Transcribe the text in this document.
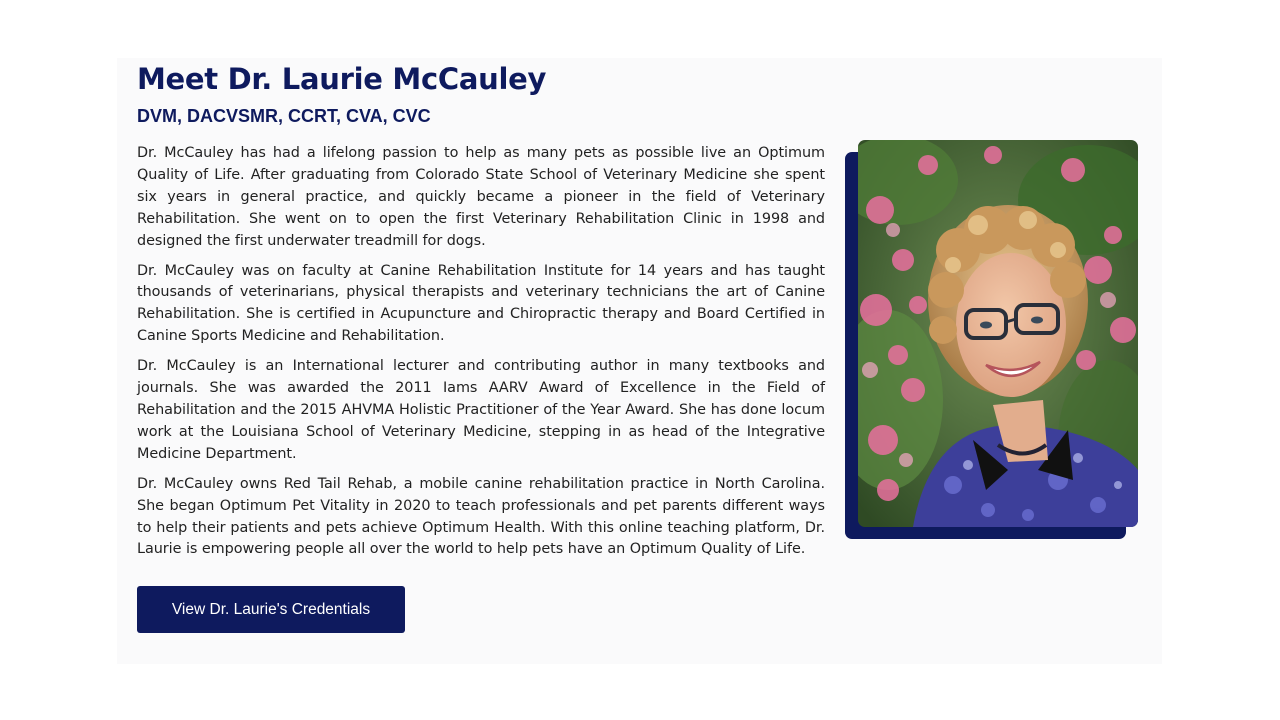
Meet Dr. Laurie McCauley
DVM, DACVSMR, CCRT, CVA, CVC

Dr. McCauley has had a lifelong passion to help as many pets as possible live an Optimum Quality of Life. After graduating from Colorado State School of Veterinary Medicine she spent six years in general practice, and quickly became a pioneer in the field of Veterinary Rehabilitation. She went on to open the first Veterinary Rehabilitation Clinic in 1998 and designed the first underwater treadmill for dogs.

Dr. McCauley was on faculty at Canine Rehabilitation Institute for 14 years and has taught thousands of veterinarians, physical therapists and veterinary technicians the art of Canine Rehabilitation. She is certified in Acupuncture and Chiropractic therapy and Board Certified in Canine Sports Medicine and Rehabilitation.

Dr. McCauley is an International lecturer and contributing author in many textbooks and journals. She was awarded the 2011 Iams AARV Award of Excellence in the Field of Rehabilitation and the 2015 AHVMA Holistic Practitioner of the Year Award. She has done locum work at the Louisiana School of Veterinary Medicine, stepping in as head of the Integrative Medicine Department.

Dr. McCauley owns Red Tail Rehab, a mobile canine rehabilitation practice in North Carolina. She began Optimum Pet Vitality in 2020 to teach professionals and pet parents different ways to help their patients and pets achieve Optimum Health. With this online teaching platform, Dr. Laurie is empowering people all over the world to help pets have an Optimum Quality of Life.

View Dr. Laurie's Credentials
